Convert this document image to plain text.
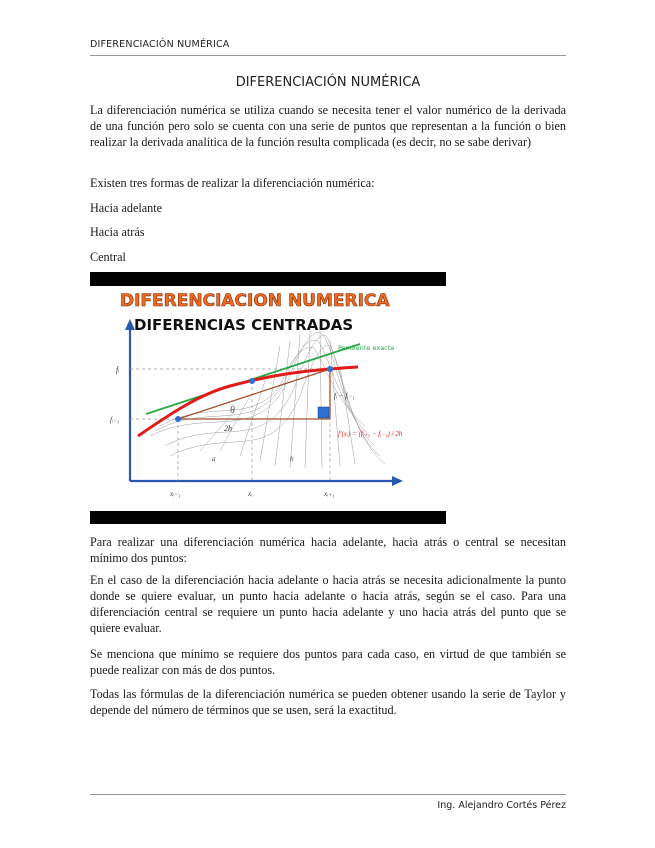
DIFERENCIACIÓN NUMÉRICA
DIFERENCIACIÓN NUMÉRICA

La diferenciación numérica se utiliza cuando se necesita tener el valor numérico de la derivada de una función pero solo se cuenta con una serie de puntos que representan a la función o bien realizar la derivada analítica de la función resulta complicada (es decir, no se sabe derivar)

Existen tres formas de realizar la diferenciación numérica:

Hacia adelante

Hacia atrás

Central

DIFERENCIACION NUMERICA
DIFERENCIAS CENTRADAS
Pendiente exacta
fᵢ
fᵢ₋₁
fᵢ − fᵢ₋₁
2h
θ
f′(xᵢ) = (fᵢ₊₁ − fᵢ₋₁) / 2h
a	b
xᵢ₋₁	xᵢ	xᵢ₊₁

Para realizar una diferenciación numérica hacia adelante, hacia atrás o central se necesitan mínimo dos puntos:

En el caso de la diferenciación hacia adelante o hacia atrás se necesita adicionalmente la punto donde se quiere evaluar, un punto hacia adelante o hacia atrás, según se el caso. Para una diferenciación central se requiere un punto hacia adelante y uno hacia atrás del punto que se quiere evaluar.

Se menciona que mínimo se requiere dos puntos para cada caso, en virtud de que también se puede realizar con más de dos puntos.

Todas las fórmulas de la diferenciación numérica se pueden obtener usando la serie de Taylor y depende del número de términos que se usen, será la exactitud.

Ing. Alejandro Cortés Pérez
